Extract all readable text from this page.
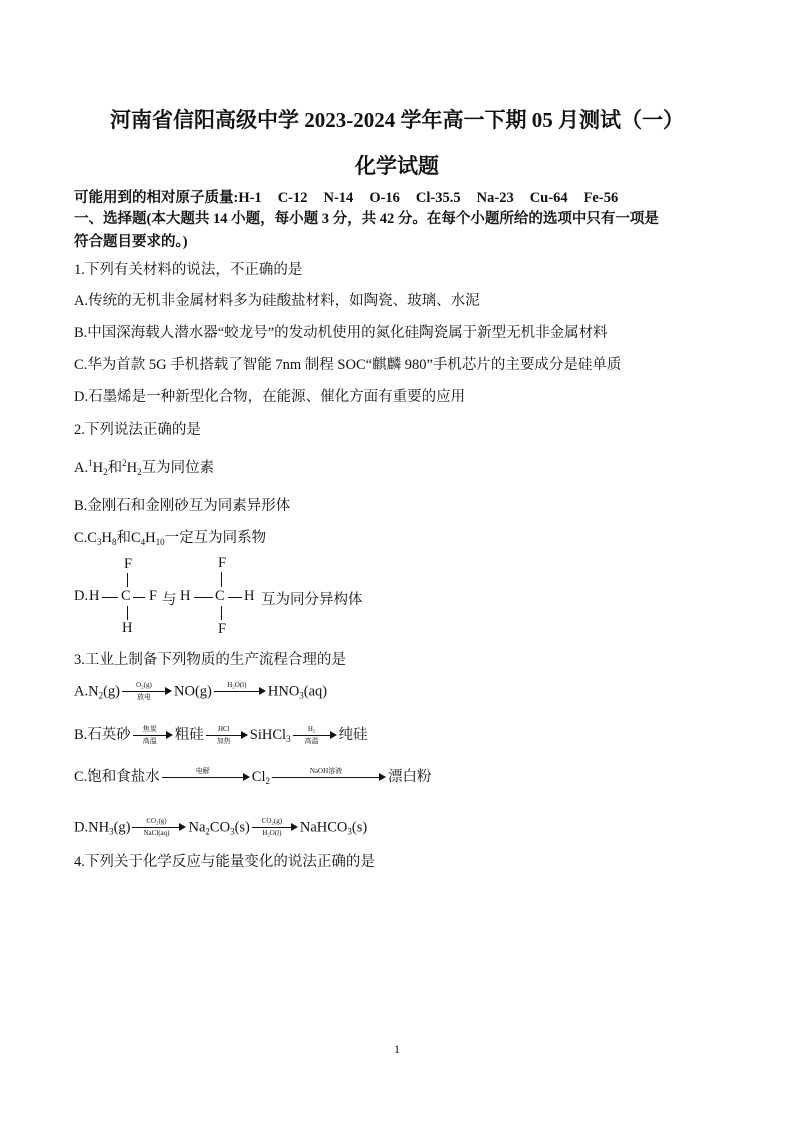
河南省信阳高级中学 2023-2024 学年高一下期 05 月测试（一）
化学试题
可能用到的相对原子质量:H-1 C-12 N-14 O-16 Cl-35.5 Na-23 Cu-64 Fe-56
一、选择题(本大题共 14 小题，每小题 3 分，共 42 分。在每个小题所给的选项中只有一项是
符合题目要求的。)
1.下列有关材料的说法，不正确的是
A.传统的无机非金属材料多为硅酸盐材料，如陶瓷、玻璃、水泥
B.中国深海载人潜水器“蛟龙号”的发动机使用的氮化硅陶瓷属于新型无机非金属材料
C.华为首款 5G 手机搭载了智能 7nm 制程 SOC“麒麟 980”手机芯片的主要成分是硅单质
D.石墨烯是一种新型化合物，在能源、催化方面有重要的应用
2.下列说法正确的是
$A.^1H_2$和$^2H_2$互为同位素
B.金刚石和金刚砂互为同素异形体
$C.C_3H_8$和$C_4H_{10}$一定互为同系物
D. H C F
F
H
与 H C H
F
F
互为同分异构体
3.工业上制备下列物质的生产流程合理的是
$A.N_2(g)$	O₂(g)
放电	NO(g)	H₂O(l)	$HNO_3(aq)$
B.石英砂	焦炭
高温	粗硅	HCl
加热	SiHCl$_3$
H₂
高温	纯硅
C.饱和食盐水	电解	$Cl_2$
NaOH溶液	漂白粉
$D.NH_3(g)$	CO₂(g)
NaCl(aq)	$Na_2CO_3(s) \frac{\text{CO₂(g)}}{\text{H₂O(l)}}$ NaHCO$_3$(s)
4.下列关于化学反应与能量变化的说法正确的是
1
